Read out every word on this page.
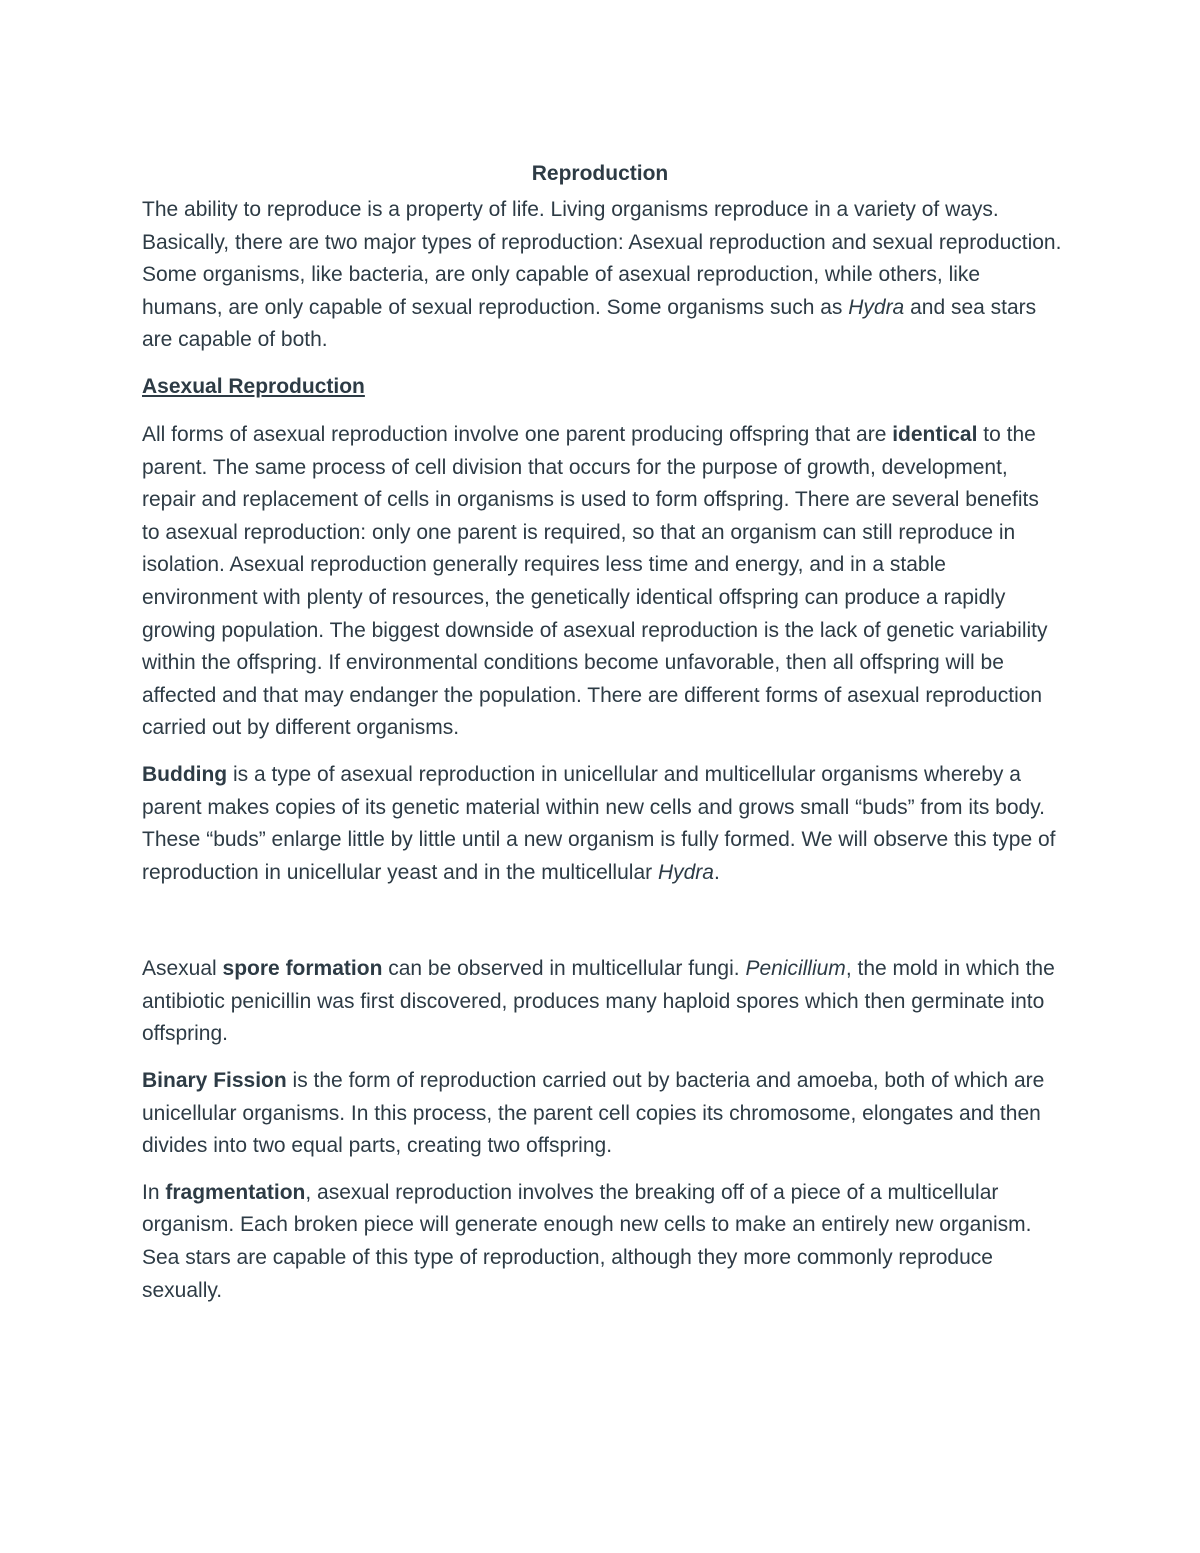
Reproduction

The ability to reproduce is a property of life. Living organisms reproduce in a variety of ways. Basically, there are two major types of reproduction: Asexual reproduction and sexual reproduction. Some organisms, like bacteria, are only capable of asexual reproduction, while others, like humans, are only capable of sexual reproduction. Some organisms such as Hydra and sea stars are capable of both.

Asexual Reproduction

All forms of asexual reproduction involve one parent producing offspring that are identical to the parent. The same process of cell division that occurs for the purpose of growth, development, repair and replacement of cells in organisms is used to form offspring. There are several benefits to asexual reproduction: only one parent is required, so that an organism can still reproduce in isolation. Asexual reproduction generally requires less time and energy, and in a stable environment with plenty of resources, the genetically identical offspring can produce a rapidly growing population. The biggest downside of asexual reproduction is the lack of genetic variability within the offspring. If environmental conditions become unfavorable, then all offspring will be affected and that may endanger the population. There are different forms of asexual reproduction carried out by different organisms.

Budding is a type of asexual reproduction in unicellular and multicellular organisms whereby a parent makes copies of its genetic material within new cells and grows small “buds” from its body. These “buds” enlarge little by little until a new organism is fully formed. We will observe this type of reproduction in unicellular yeast and in the multicellular Hydra.

Asexual spore formation can be observed in multicellular fungi. Penicillium, the mold in which the antibiotic penicillin was first discovered, produces many haploid spores which then germinate into offspring.

Binary Fission is the form of reproduction carried out by bacteria and amoeba, both of which are unicellular organisms. In this process, the parent cell copies its chromosome, elongates and then divides into two equal parts, creating two offspring.

In fragmentation, asexual reproduction involves the breaking off of a piece of a multicellular organism. Each broken piece will generate enough new cells to make an entirely new organism. Sea stars are capable of this type of reproduction, although they more commonly reproduce sexually.
